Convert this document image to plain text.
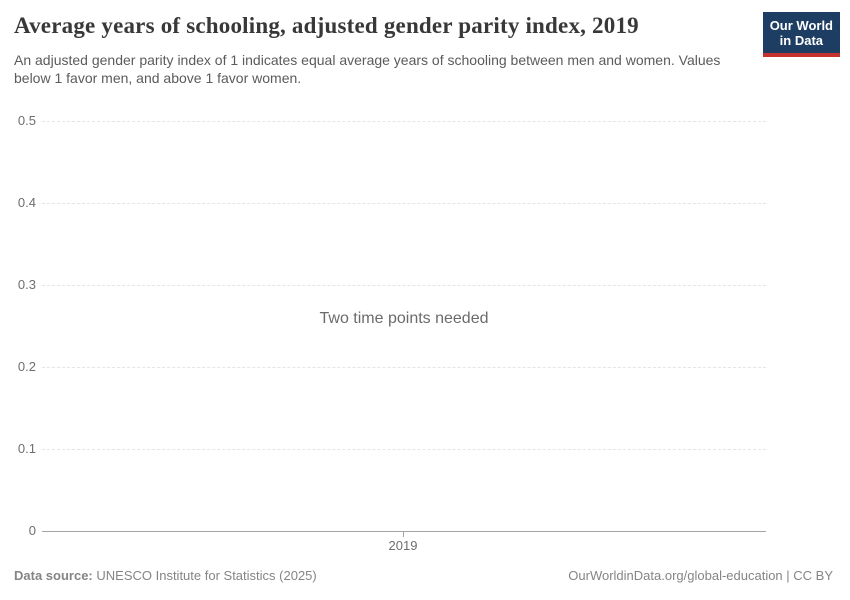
Average years of schooling, adjusted gender parity index, 2019

An adjusted gender parity index of 1 indicates equal average years of schooling between men and women. Values below 1 favor men, and above 1 favor women.

Our World
in Data
0.5
0.4
0.3
0.2
0.1
0
Two time points needed
2019
Data source: UNESCO Institute for Statistics (2025)	OurWorldinData.org/global-education | CC BY
